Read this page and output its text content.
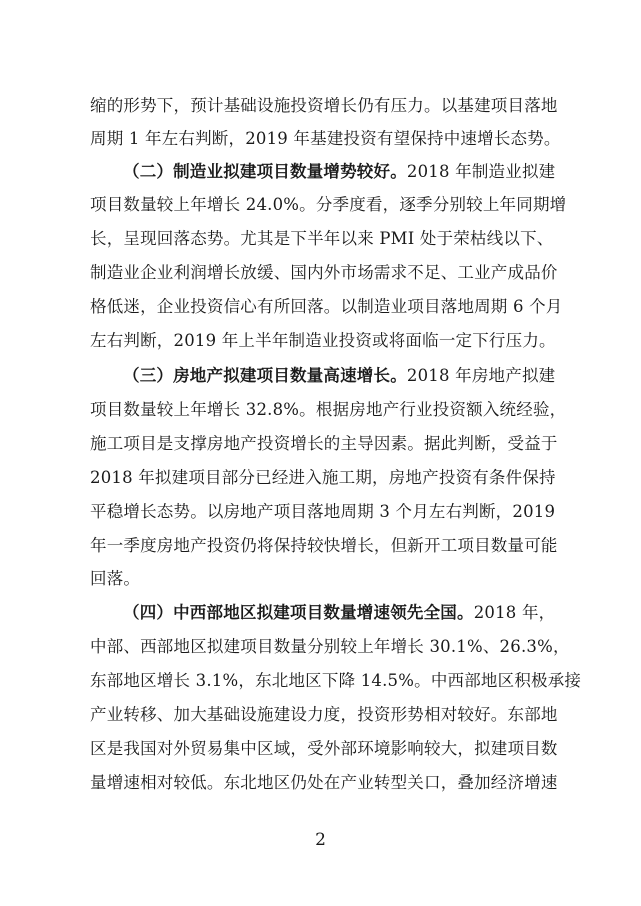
缩的形势下，预计基础设施投资增长仍有压力。以基建项目落地
周期 1 年左右判断，2019 年基建投资有望保持中速增长态势。
（二）制造业拟建项目数量增势较好。2018 年制造业拟建
项目数量较上年增长 24.0%。分季度看，逐季分别较上年同期增
长，呈现回落态势。尤其是下半年以来 PMI 处于荣枯线以下、
制造业企业利润增长放缓、国内外市场需求不足、工业产成品价
格低迷，企业投资信心有所回落。以制造业项目落地周期 6 个月
左右判断，2019 年上半年制造业投资或将面临一定下行压力。
（三）房地产拟建项目数量高速增长。2018 年房地产拟建
项目数量较上年增长 32.8%。根据房地产行业投资额入统经验，
施工项目是支撑房地产投资增长的主导因素。据此判断，受益于
2018 年拟建项目部分已经进入施工期，房地产投资有条件保持
平稳增长态势。以房地产项目落地周期 3 个月左右判断，2019
年一季度房地产投资仍将保持较快增长，但新开工项目数量可能
回落。
（四）中西部地区拟建项目数量增速领先全国。2018 年，
中部、西部地区拟建项目数量分别较上年增长 30.1%、26.3%，
东部地区增长 3.1%，东北地区下降 14.5%。中西部地区积极承接
产业转移、加大基础设施建设力度，投资形势相对较好。东部地
区是我国对外贸易集中区域，受外部环境影响较大，拟建项目数
量增速相对较低。东北地区仍处在产业转型关口，叠加经济增速
2
